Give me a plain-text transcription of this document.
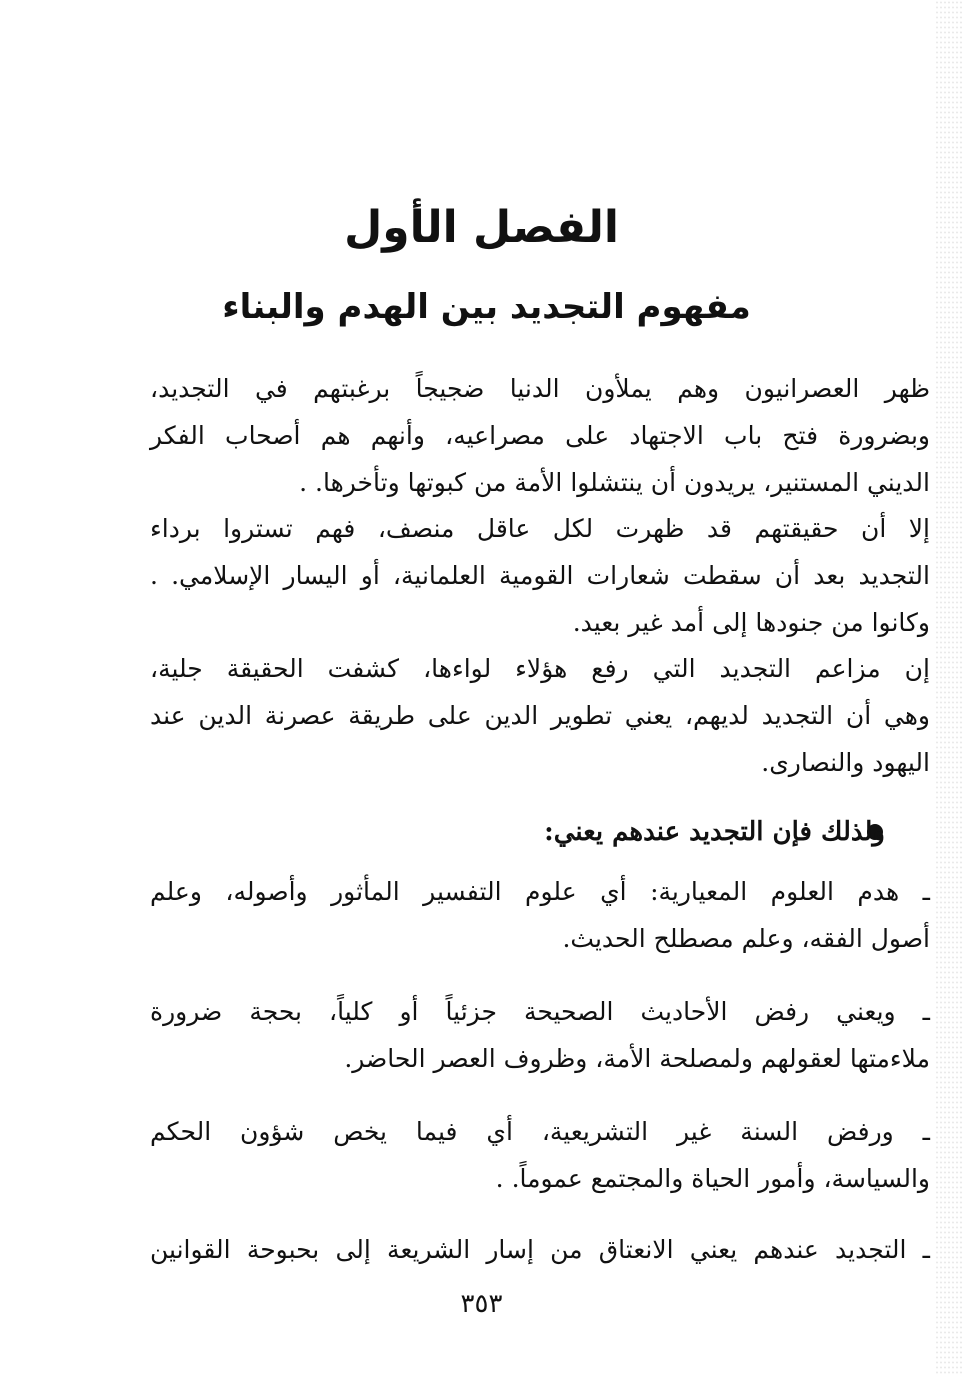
الفصل الأول
مفهوم التجديد بين الهدم والبناء
ظهر العصرانيون وهم يملأون الدنيا ضجيجاً برغبتهم في التجديد،
وبضرورة فتح باب الاجتهاد على مصراعيه، وأنهم هم أصحاب الفكر
الديني المستنير، يريدون أن ينتشلوا الأمة من كبوتها وتأخرها. .
إلا أن حقيقتهم قد ظهرت لكل عاقل منصف، فهم تستروا برداء
التجديد بعد أن سقطت شعارات القومية العلمانية، أو اليسار الإسلامي. .
وكانوا من جنودها إلى أمد غير بعيد.
إن مزاعم التجديد التي رفع هؤلاء لواءها، كشفت الحقيقة جلية،
وهي أن التجديد لديهم، يعني تطوير الدين على طريقة عصرنة الدين عند
اليهود والنصارى.
ولذلك فإن التجديد عندهم يعني:
ـ هدم العلوم المعيارية: أي علوم التفسير المأثور وأصوله، وعلم
أصول الفقه، وعلم مصطلح الحديث.
ـ ويعني رفض الأحاديث الصحيحة جزئياً أو كلياً، بحجة ضرورة
ملاءمتها لعقولهم ولمصلحة الأمة، وظروف العصر الحاضر.
ـ ورفض السنة غير التشريعية، أي فيما يخص شؤون الحكم
والسياسة، وأمور الحياة والمجتمع عموماً. .
ـ التجديد عندهم يعني الانعتاق من إسار الشريعة إلى بحبوحة القوانين
٣٥٣
